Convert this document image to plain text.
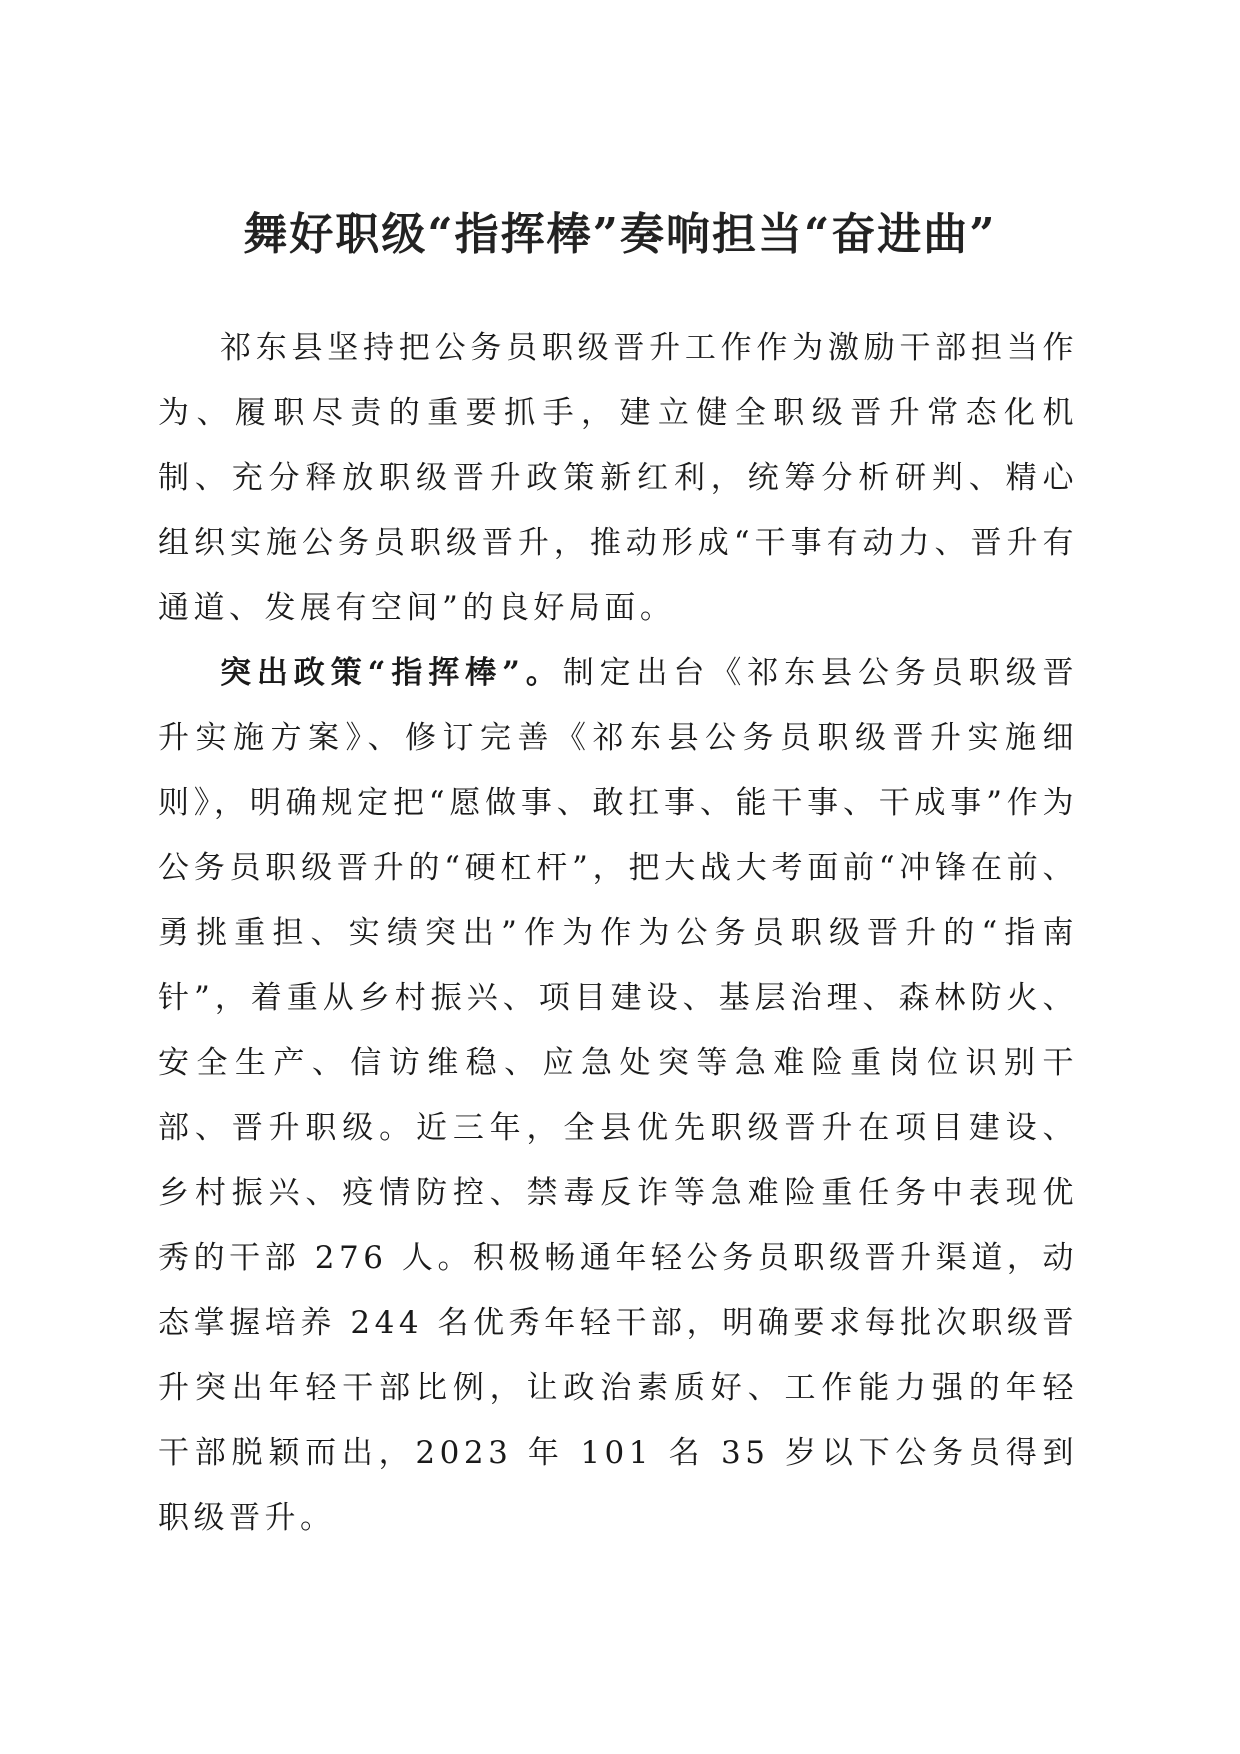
舞好职级“指挥棒”奏响担当“奋进曲”

祁东县坚持把公务员职级晋升工作作为激励干部担当作为、履职尽责的重要抓手，建立健全职级晋升常态化机制、充分释放职级晋升政策新红利，统筹分析研判、精心组织实施公务员职级晋升，推动形成“干事有动力、晋升有通道、发展有空间”的良好局面。

突出政策“指挥棒”。制定出台《祁东县公务员职级晋升实施方案》、修订完善《祁东县公务员职级晋升实施细则》，明确规定把“愿做事、敢扛事、能干事、干成事”作为公务员职级晋升的“硬杠杆”，把大战大考面前“冲锋在前、勇挑重担、实绩突出”作为作为公务员职级晋升的“指南针”，着重从乡村振兴、项目建设、基层治理、森林防火、安全生产、信访维稳、应急处突等急难险重岗位识别干部、晋升职级。近三年，全县优先职级晋升在项目建设、乡村振兴、疫情防控、禁毒反诈等急难险重任务中表现优秀的干部 276 人。积极畅通年轻公务员职级晋升渠道，动态掌握培养 244 名优秀年轻干部，明确要求每批次职级晋升突出年轻干部比例，让政治素质好、工作能力强的年轻干部脱颖而出，2023 年 101 名 35 岁以下公务员得到职级晋升。
